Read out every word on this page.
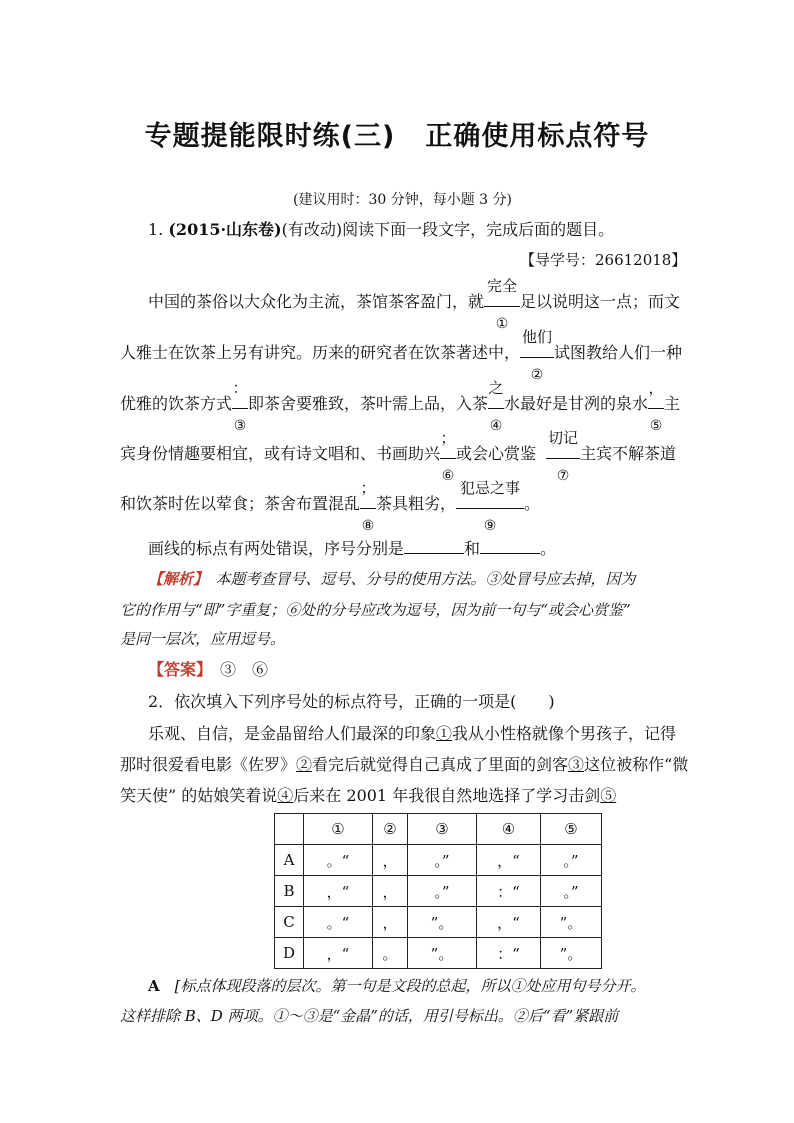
专题提能限时练(三) 正确使用标点符号
(建议用时：30 分钟，每小题 3 分)
1. (2015·山东卷)(有改动)阅读下面一段文字，完成后面的题目。
【导学号：26612018】
中国的茶俗以大众化为主流，茶馆茶客盈门，就
完全
①
足以说明这一点；而文
人雅士在饮茶上另有讲究。历来的研究者在饮茶著述中，
他们
②
试图教给人们一种
优雅的饮茶方式
：
③
即茶舍要雅致，茶叶需上品，入茶
之
④
水最好是甘冽的泉水
，
⑤
主
宾身份情趣要相宜，或有诗文唱和、书画助兴
；
⑥
或会心赏鉴
切记
⑦
主宾不解茶道
和饮茶时佐以荤食；茶舍布置混乱
；
⑧
茶具粗劣，
犯忌之事
⑨
。
画线的标点有两处错误，序号分别是	和	。
【解析】　 本题考查冒号、逗号、分号的使用方法。③处冒号应去掉，因为
它的作用与“即”字重复；⑥处的分号应改为逗号，因为前一句与“或会心赏鉴”
是同一层次，应用逗号。
【答案】　 ③　⑥
2．依次填入下列序号处的标点符号，正确的一项是(　　)
乐观、自信，是金晶留给人们最深的印象①我从小性格就像个男孩子，记得
那时很爱看电影《佐罗》②看完后就觉得自己真成了里面的剑客③这位被称作“微
笑天使” 的姑娘笑着说④后来在 2001 年我很自然地选择了学习击剑⑤
	①	②	③	④	⑤
A	。“	，	。”	，“	。”
B	，“	，	。”	：“	。”
C	。“	，	”。	，“	”。
D	，“	。	”。	：“	”。
A　 [标点体现段落的层次。第一句是文段的总起，所以①处应用句号分开。
这样排除 B、D 两项。①～③是“金晶”的话，用引号标出。②后“看”紧跟前
